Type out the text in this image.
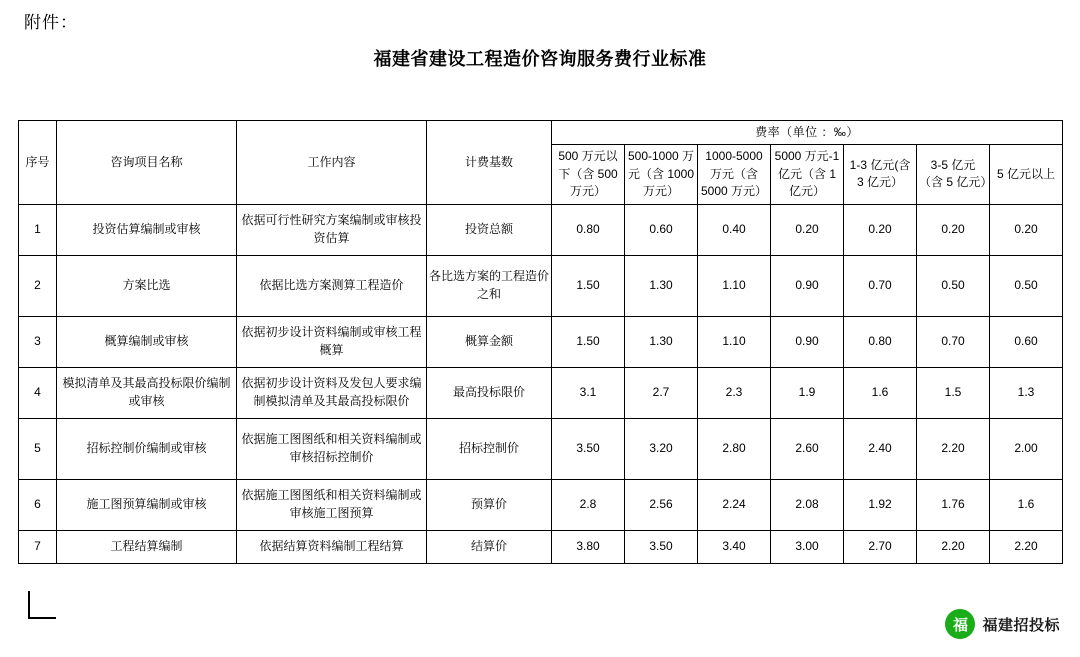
附件：
福建省建设工程造价咨询服务费行业标准
序号	咨询项目名称	工作内容	计费基数	费率（单位 ：‰）						
				500 万元以下（含 500 万元）	500-1000 万元（含 1000 万元）	1000-5000 万元（含 5000 万元）	5000 万元-1 亿元（含 1 亿元）	1-3 亿元(含 3 亿元）	3-5 亿元（含 5 亿元）	5 亿元以上
1	投资估算编制或审核	依据可行性研究方案编制或审核投资估算	投资总额	0.80	0.60	0.40	0.20	0.20	0.20	0.20
2	方案比选	依据比选方案测算工程造价	各比选方案的工程造价之和	1.50	1.30	1.10	0.90	0.70	0.50	0.50
3	概算编制或审核	依据初步设计资料编制或审核工程概算	概算金额	1.50	1.30	1.10	0.90	0.80	0.70	0.60
4	模拟清单及其最高投标限价编制或审核	依据初步设计资料及发包人要求编制模拟清单及其最高投标限价	最高投标限价	3.1	2.7	2.3	1.9	1.6	1.5	1.3
5	招标控制价编制或审核	依据施工图图纸和相关资料编制或审核招标控制价	招标控制价	3.50	3.20	2.80	2.60	2.40	2.20	2.00
6	施工图预算编制或审核	依据施工图图纸和相关资料编制或审核施工图预算	预算价	2.8	2.56	2.24	2.08	1.92	1.76	1.6
7	工程结算编制	依据结算资料编制工程结算	结算价	3.80	3.50	3.40	3.00	2.70	2.20	2.20
福 福建招投标
